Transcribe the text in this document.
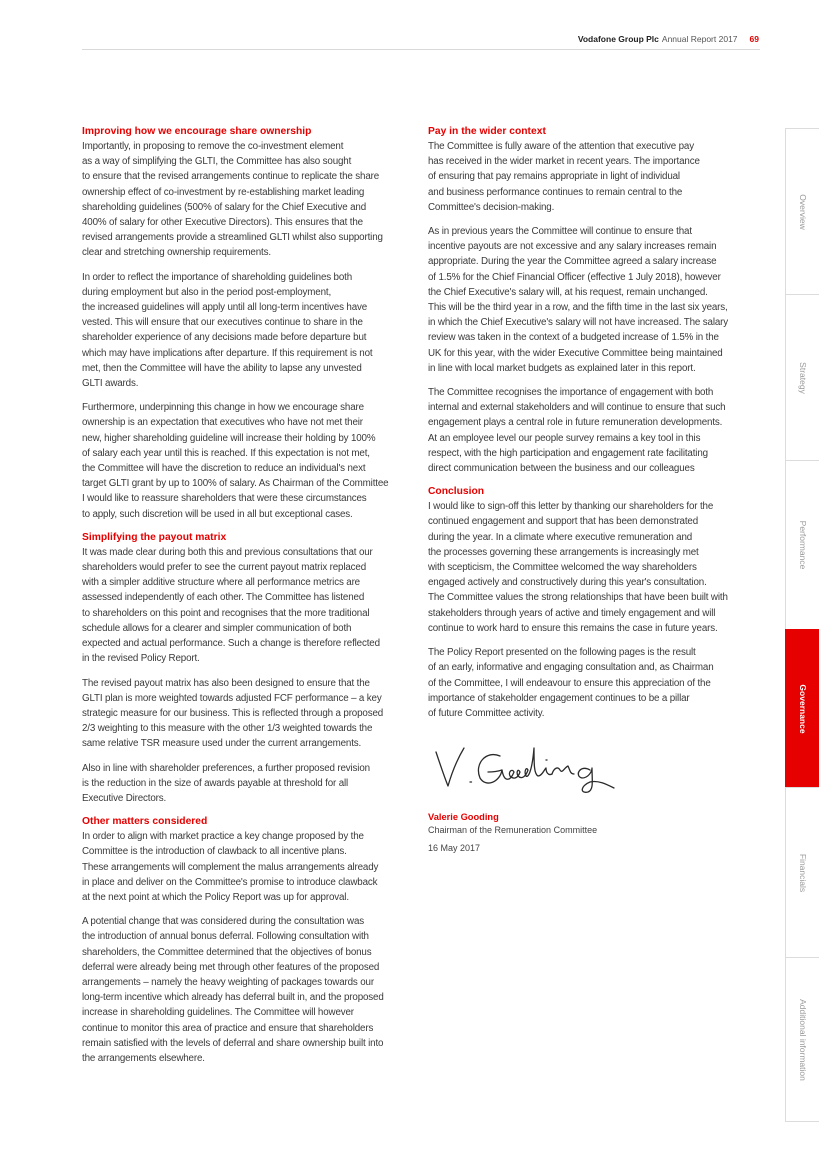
Vodafone Group Plc Annual Report 2017 69
Improving how we encourage share ownership

Importantly, in proposing to remove the co-investment element
as a way of simplifying the GLTI, the Committee has also sought
to ensure that the revised arrangements continue to replicate the share
ownership effect of co-investment by re-establishing market leading
shareholding guidelines (500% of salary for the Chief Executive and
400% of salary for other Executive Directors). This ensures that the
revised arrangements provide a streamlined GLTI whilst also supporting
clear and stretching ownership requirements.

In order to reflect the importance of shareholding guidelines both
during employment but also in the period post-employment,
the increased guidelines will apply until all long-term incentives have
vested. This will ensure that our executives continue to share in the
shareholder experience of any decisions made before departure but
which may have implications after departure. If this requirement is not
met, then the Committee will have the ability to lapse any unvested
GLTI awards.

Furthermore, underpinning this change in how we encourage share
ownership is an expectation that executives who have not met their
new, higher shareholding guideline will increase their holding by 100%
of salary each year until this is reached. If this expectation is not met,
the Committee will have the discretion to reduce an individual's next
target GLTI grant by up to 100% of salary. As Chairman of the Committee
I would like to reassure shareholders that were these circumstances
to apply, such discretion will be used in all but exceptional cases.

Simplifying the payout matrix

It was made clear during both this and previous consultations that our
shareholders would prefer to see the current payout matrix replaced
with a simpler additive structure where all performance metrics are
assessed independently of each other. The Committee has listened
to shareholders on this point and recognises that the more traditional
schedule allows for a clearer and simpler communication of both
expected and actual performance. Such a change is therefore reflected
in the revised Policy Report.

The revised payout matrix has also been designed to ensure that the
GLTI plan is more weighted towards adjusted FCF performance – a key
strategic measure for our business. This is reflected through a proposed
2/3 weighting to this measure with the other 1/3 weighted towards the
same relative TSR measure used under the current arrangements.

Also in line with shareholder preferences, a further proposed revision
is the reduction in the size of awards payable at threshold for all
Executive Directors.

Other matters considered

In order to align with market practice a key change proposed by the
Committee is the introduction of clawback to all incentive plans.
These arrangements will complement the malus arrangements already
in place and deliver on the Committee's promise to introduce clawback
at the next point at which the Policy Report was up for approval.

A potential change that was considered during the consultation was
the introduction of annual bonus deferral. Following consultation with
shareholders, the Committee determined that the objectives of bonus
deferral were already being met through other features of the proposed
arrangements – namely the heavy weighting of packages towards our
long-term incentive which already has deferral built in, and the proposed
increase in shareholding guidelines. The Committee will however
continue to monitor this area of practice and ensure that shareholders
remain satisfied with the levels of deferral and share ownership built into
the arrangements elsewhere.

Pay in the wider context

The Committee is fully aware of the attention that executive pay
has received in the wider market in recent years. The importance
of ensuring that pay remains appropriate in light of individual
and business performance continues to remain central to the
Committee's decision-making.

As in previous years the Committee will continue to ensure that
incentive payouts are not excessive and any salary increases remain
appropriate. During the year the Committee agreed a salary increase
of 1.5% for the Chief Financial Officer (effective 1 July 2018), however
the Chief Executive's salary will, at his request, remain unchanged.
This will be the third year in a row, and the fifth time in the last six years,
in which the Chief Executive's salary will not have increased. The salary
review was taken in the context of a budgeted increase of 1.5% in the
UK for this year, with the wider Executive Committee being maintained
in line with local market budgets as explained later in this report.

The Committee recognises the importance of engagement with both
internal and external stakeholders and will continue to ensure that such
engagement plays a central role in future remuneration developments.
At an employee level our people survey remains a key tool in this
respect, with the high participation and engagement rate facilitating
direct communication between the business and our colleagues

Conclusion

I would like to sign-off this letter by thanking our shareholders for the
continued engagement and support that has been demonstrated
during the year. In a climate where executive remuneration and
the processes governing these arrangements is increasingly met
with scepticism, the Committee welcomed the way shareholders
engaged actively and constructively during this year's consultation.
The Committee values the strong relationships that have been built with
stakeholders through years of active and timely engagement and will
continue to work hard to ensure this remains the case in future years.

The Policy Report presented on the following pages is the result
of an early, informative and engaging consultation and, as Chairman
of the Committee, I will endeavour to ensure this appreciation of the
importance of stakeholder engagement continues to be a pillar
of future Committee activity.

Valerie Gooding
Chairman of the Remuneration Committee
16 May 2017
Overview
Strategy
Performance
Governance
Financials
Additional information
